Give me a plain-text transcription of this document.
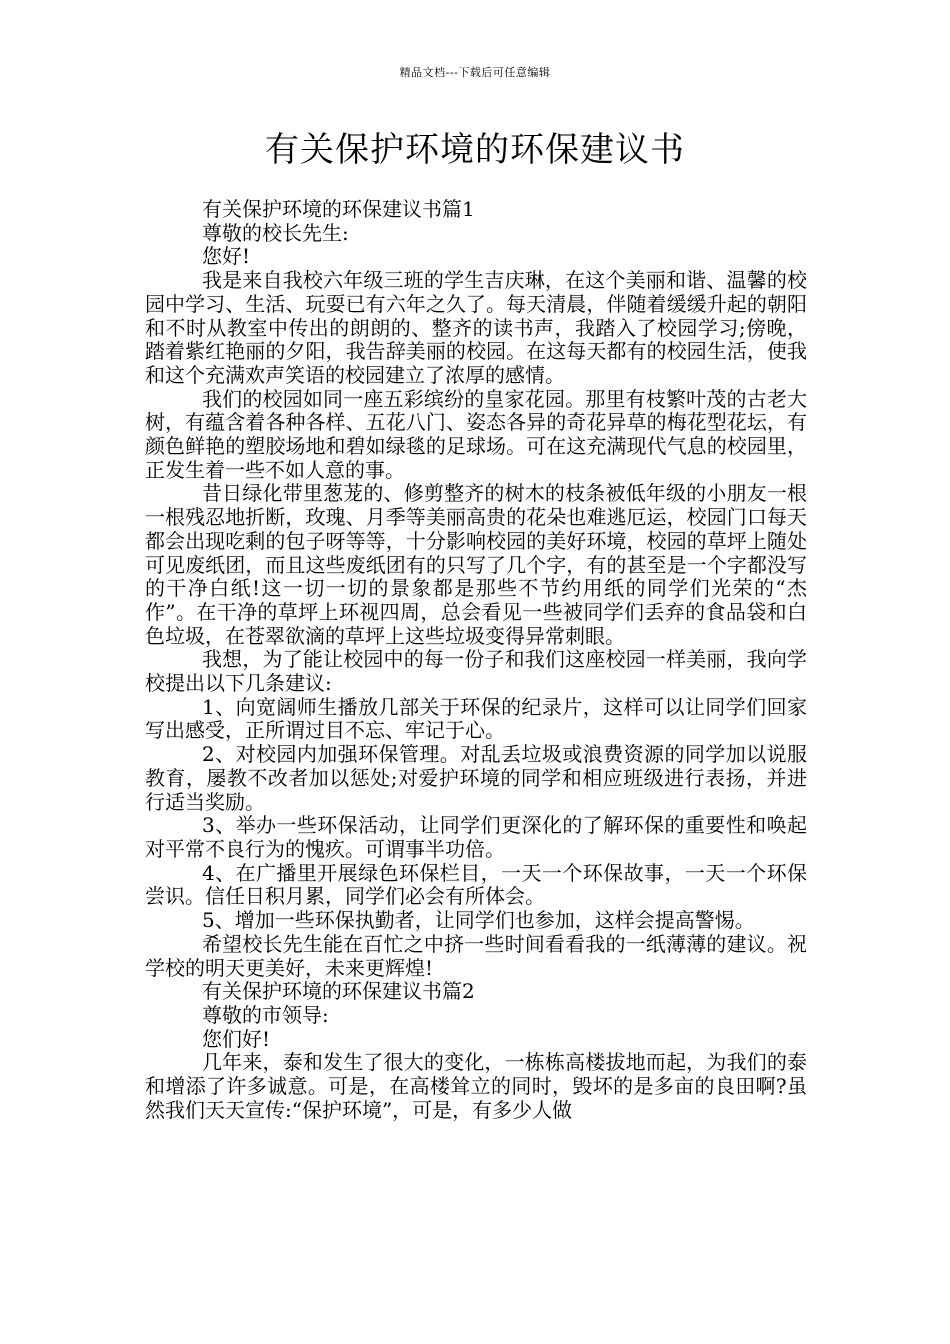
精品文档---下载后可任意编辑
有关保护环境的环保建议书

有关保护环境的环保建议书篇1

尊敬的校长先生:

您好!

我是来自我校六年级三班的学生吉庆琳，在这个美丽和谐、温馨的校园中学习、生活、玩耍已有六年之久了。每天清晨，伴随着缓缓升起的朝阳和不时从教室中传出的朗朗的、整齐的读书声，我踏入了校园学习;傍晚，踏着紫红艳丽的夕阳，我告辞美丽的校园。在这每天都有的校园生活，使我和这个充满欢声笑语的校园建立了浓厚的感情。

我们的校园如同一座五彩缤纷的皇家花园。那里有枝繁叶茂的古老大树，有蕴含着各种各样、五花八门、姿态各异的奇花异草的梅花型花坛，有颜色鲜艳的塑胶场地和碧如绿毯的足球场。可在这充满现代气息的校园里，正发生着一些不如人意的事。

昔日绿化带里葱茏的、修剪整齐的树木的枝条被低年级的小朋友一根一根残忍地折断，玫瑰、月季等美丽高贵的花朵也难逃厄运，校园门口每天都会出现吃剩的包子呀等等，十分影响校园的美好环境，校园的草坪上随处可见废纸团，而且这些废纸团有的只写了几个字，有的甚至是一个字都没写的干净白纸!这一切一切的景象都是那些不节约用纸的同学们光荣的“杰作”。在干净的草坪上环视四周，总会看见一些被同学们丢弃的食品袋和白色垃圾，在苍翠欲滴的草坪上这些垃圾变得异常刺眼。

我想，为了能让校园中的每一份子和我们这座校园一样美丽，我向学校提出以下几条建议:

1、向宽阔师生播放几部关于环保的纪录片，这样可以让同学们回家写出感受，正所谓过目不忘、牢记于心。

2、对校园内加强环保管理。对乱丢垃圾或浪费资源的同学加以说服教育，屡教不改者加以惩处;对爱护环境的同学和相应班级进行表扬，并进行适当奖励。

3、举办一些环保活动，让同学们更深化的了解环保的重要性和唤起对平常不良行为的愧疚。可谓事半功倍。

4、在广播里开展绿色环保栏目，一天一个环保故事，一天一个环保尝识。信任日积月累，同学们必会有所体会。

5、增加一些环保执勤者，让同学们也参加，这样会提高警惕。

希望校长先生能在百忙之中挤一些时间看看我的一纸薄薄的建议。祝学校的明天更美好，未来更辉煌!

有关保护环境的环保建议书篇2

尊敬的市领导:

您们好!

几年来，泰和发生了很大的变化，一栋栋高楼拔地而起，为我们的泰和增添了许多诚意。可是，在高楼耸立的同时，毁坏的是多亩的良田啊?虽然我们天天宣传:“保护环境”，可是，有多少人做
